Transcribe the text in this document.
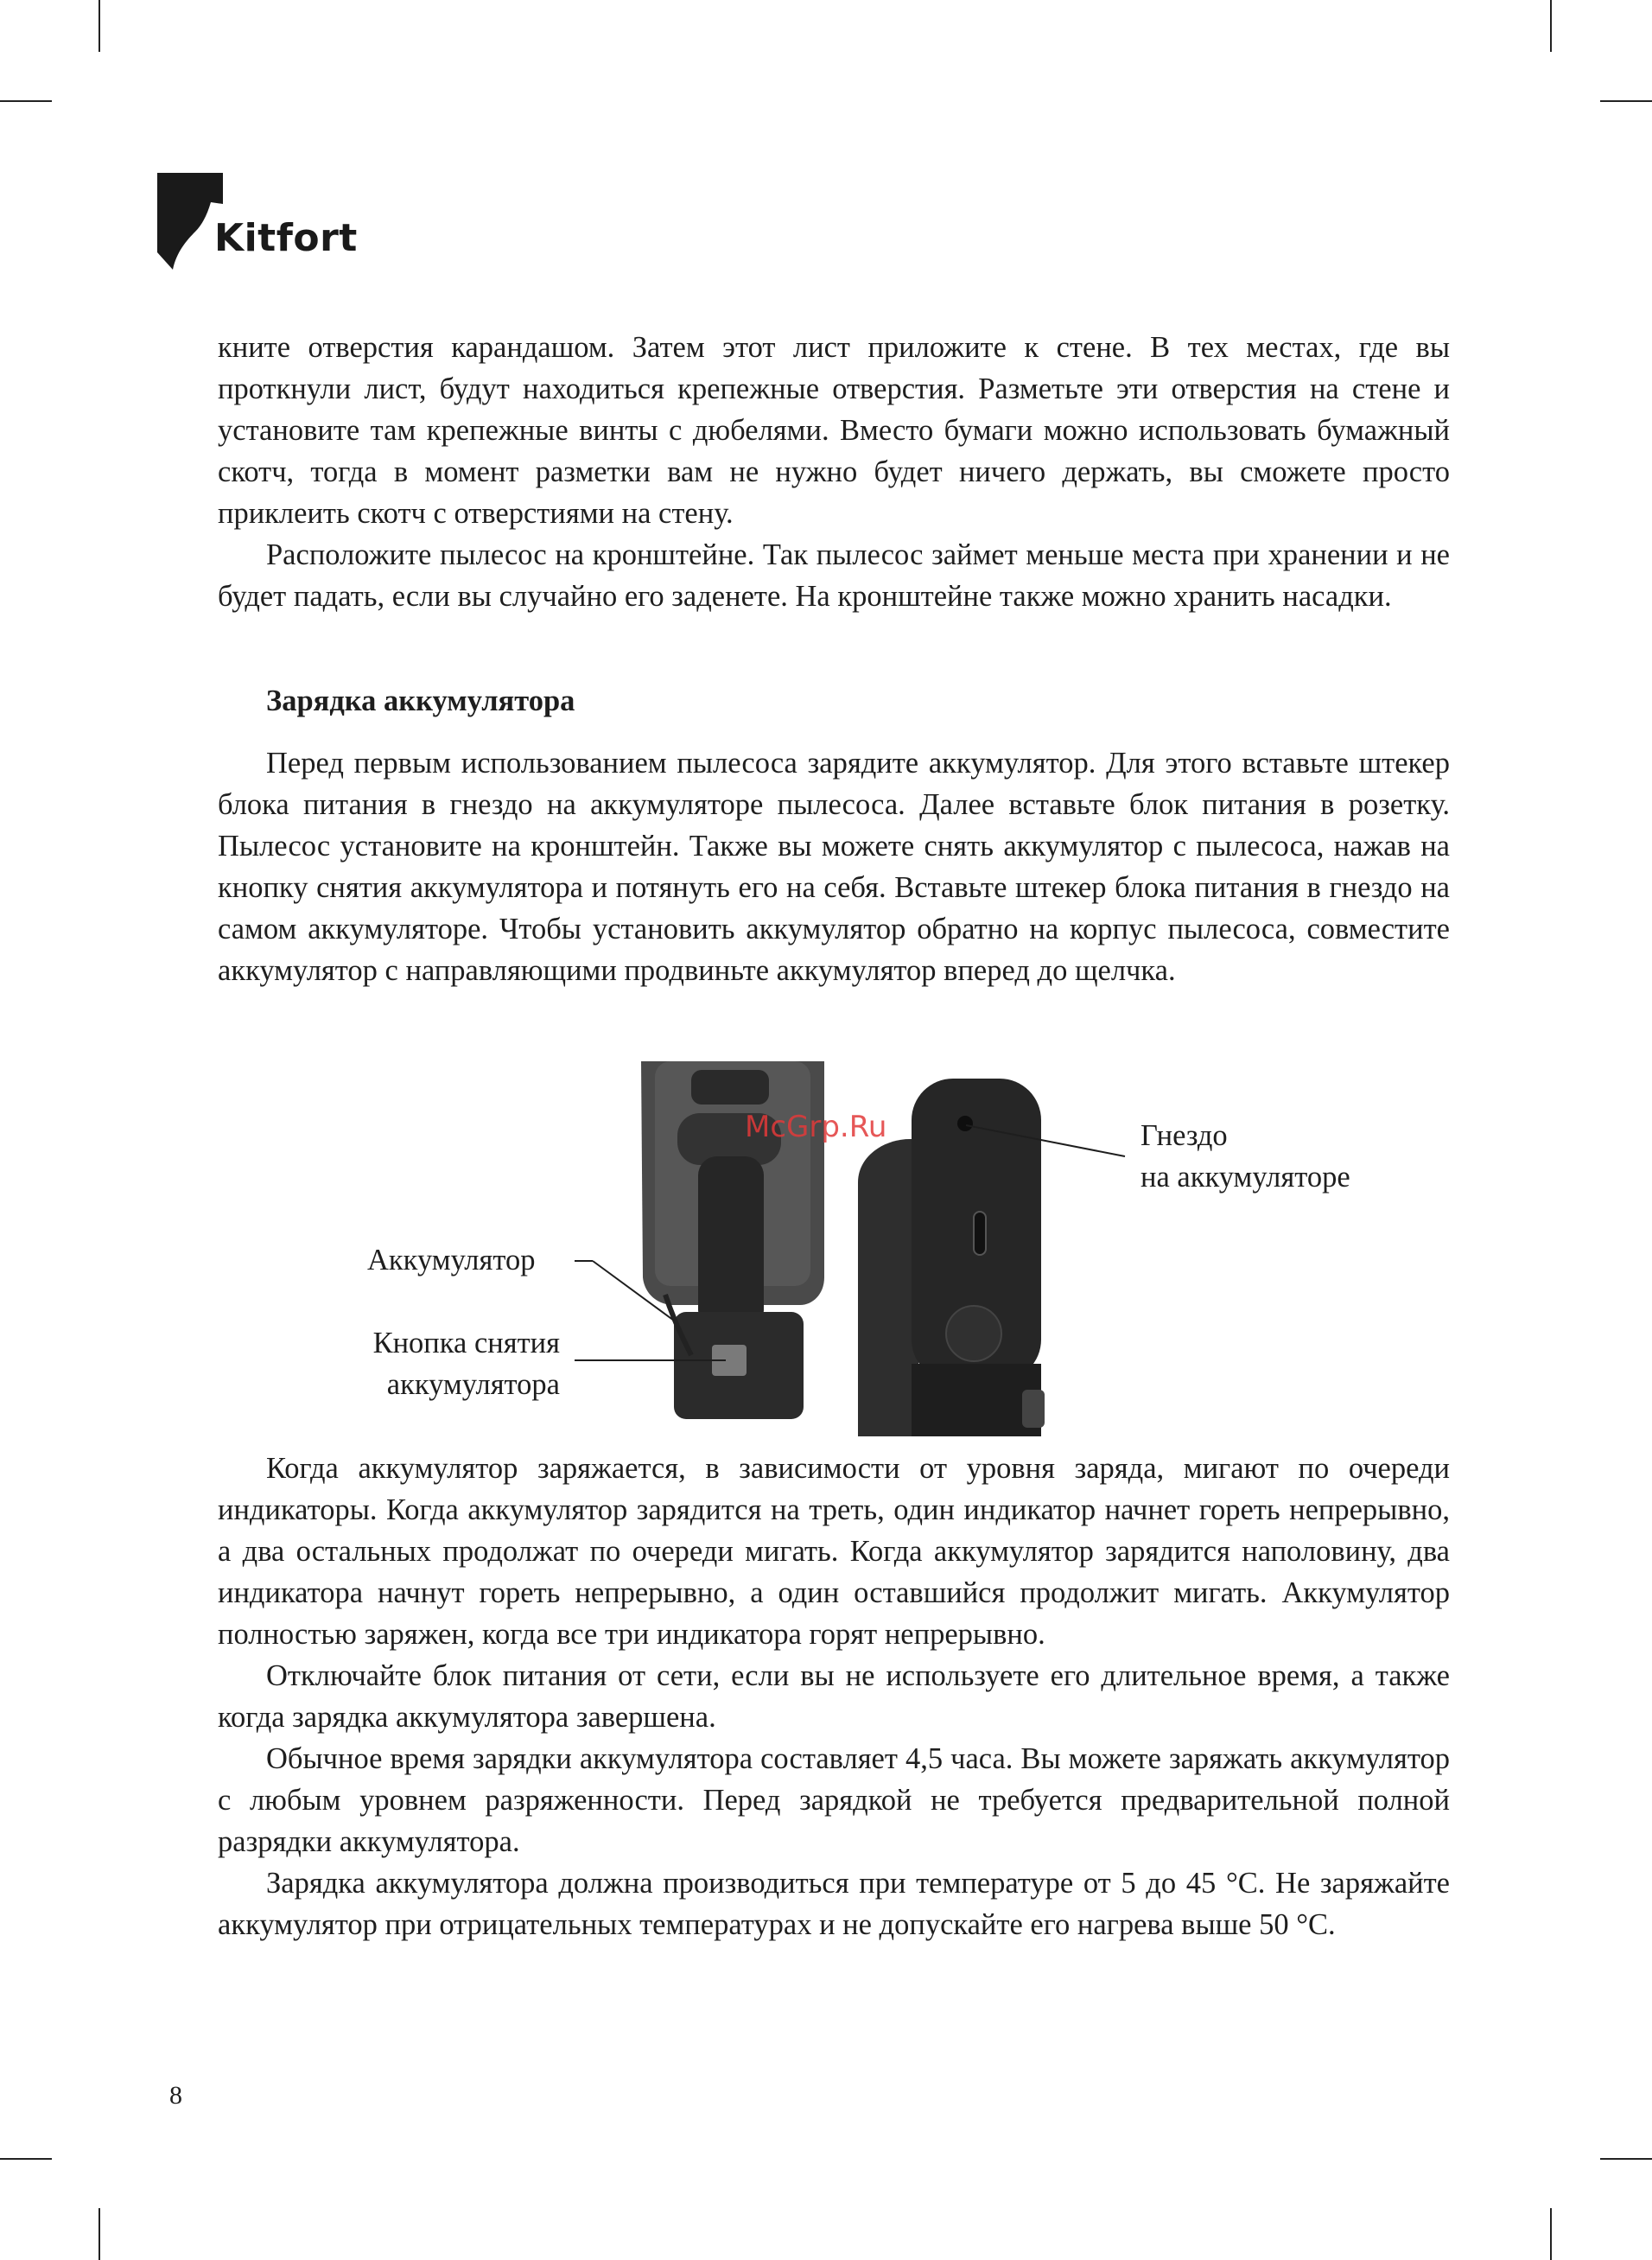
Kitfort

кните отверстия карандашом. Затем этот лист приложите к стене. В тех местах, где вы проткнули лист, будут находиться крепежные отверстия. Разметьте эти отверстия на стене и установите там крепежные винты с дюбелями. Вместо бумаги можно использовать бумажный скотч, тогда в момент разметки вам не нужно будет ничего держать, вы сможете просто приклеить скотч с отверстиями на стену.

Расположите пылесос на кронштейне. Так пылесос займет меньше места при хранении и не будет падать, если вы случайно его заденете. На кронштейне также можно хранить насадки.

Зарядка аккумулятора

Перед первым использованием пылесоса зарядите аккумулятор. Для этого вставьте штекер блока питания в гнездо на аккумуляторе пылесоса. Далее вставьте блок питания в розетку. Пылесос установите на кронштейн. Также вы можете снять аккумулятор с пылесоса, нажав на кнопку снятия аккумулятора и потянуть его на себя. Вставьте штекер блока питания в гнездо на самом аккумуляторе. Чтобы установить аккумулятор обратно на корпус пылесоса, совместите аккумулятор с направляющими продвиньте аккумулятор вперед до щелчка.

Аккумулятор
Кнопка снятия
аккумулятора
Гнездо
на аккумуляторе
McGrp.Ru

Когда аккумулятор заряжается, в зависимости от уровня заряда, мигают по очереди индикаторы. Когда аккумулятор зарядится на треть, один индикатор начнет гореть непрерывно, а два остальных продолжат по очереди мигать. Когда аккумулятор зарядится наполовину, два индикатора начнут гореть непрерывно, а один оставшийся продолжит мигать. Аккумулятор полностью заряжен, когда все три индикатора горят непрерывно.

Отключайте блок питания от сети, если вы не используете его длительное время, а также когда зарядка аккумулятора завершена.

Обычное время зарядки аккумулятора составляет 4,5 часа. Вы можете заряжать аккумулятор с любым уровнем разряженности. Перед зарядкой не требуется предварительной полной разрядки аккумулятора.

Зарядка аккумулятора должна производиться при температуре от 5 до 45 °С. Не заряжайте аккумулятор при отрицательных температурах и не допускайте его нагрева выше 50 °С.

8
